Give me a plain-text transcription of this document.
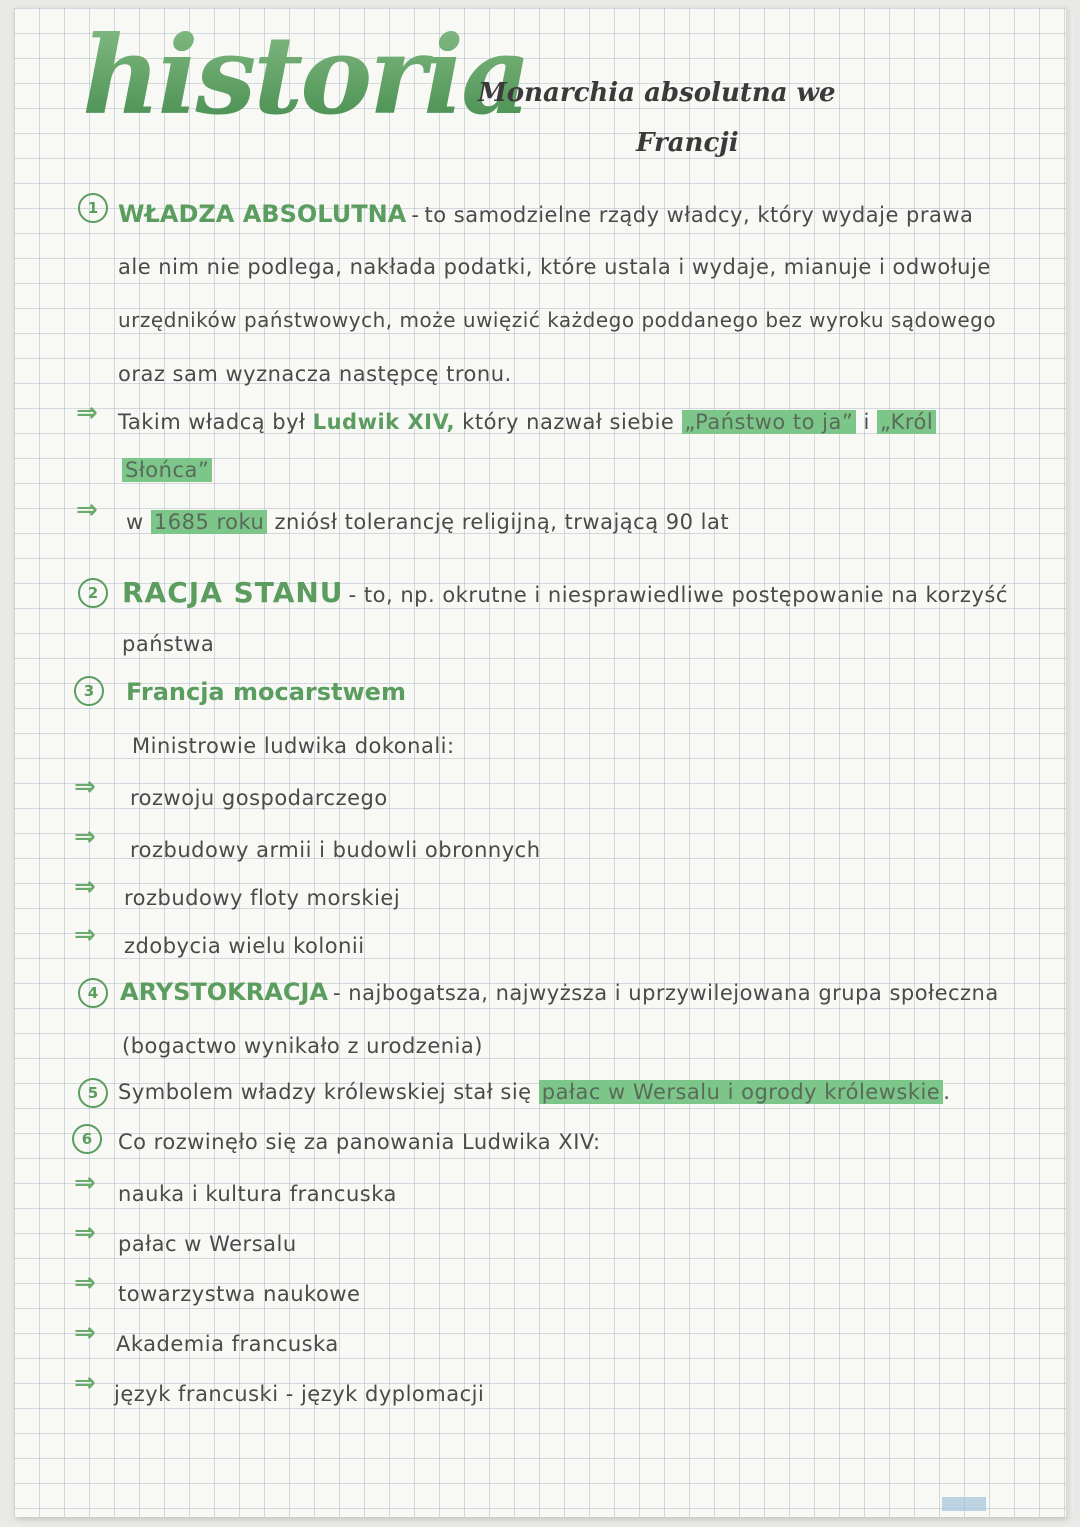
historia
Monarchia absolutna we
Francji
1 WŁADZA ABSOLUTNA - to samodzielne rządy władcy, który wydaje prawa
ale nim nie podlega, nakłada podatki, które ustala i wydaje, mianuje i odwołuje
urzędników państwowych, może uwięzić każdego poddanego bez wyroku sądowego
oraz sam wyznacza następcę tronu.
⇒ Takim władcą był Ludwik XIV, który nazwał siebie „Państwo to ja” i „Król
Słońca”
⇒ w 1685 roku zniósł tolerancję religijną, trwającą 90 lat
2 RACJA STANU - to, np. okrutne i niesprawiedliwe postępowanie na korzyść
państwa
3	Francja mocarstwem
Ministrowie ludwika dokonali:
⇒ rozwoju gospodarczego
⇒ rozbudowy armii i budowli obronnych
⇒ rozbudowy floty morskiej
⇒ zdobycia wielu kolonii
4 ARYSTOKRACJA - najbogatsza, najwyższa i uprzywilejowana grupa społeczna
(bogactwo wynikało z urodzenia)
5 Symbolem władzy królewskiej stał się pałac w Wersalu i ogrody królewskie .
6	Co rozwinęło się za panowania Ludwika XIV:
⇒ nauka i kultura francuska
⇒ pałac w Wersalu
⇒ towarzystwa naukowe
⇒ Akademia francuska
⇒ język francuski - język dyplomacji
